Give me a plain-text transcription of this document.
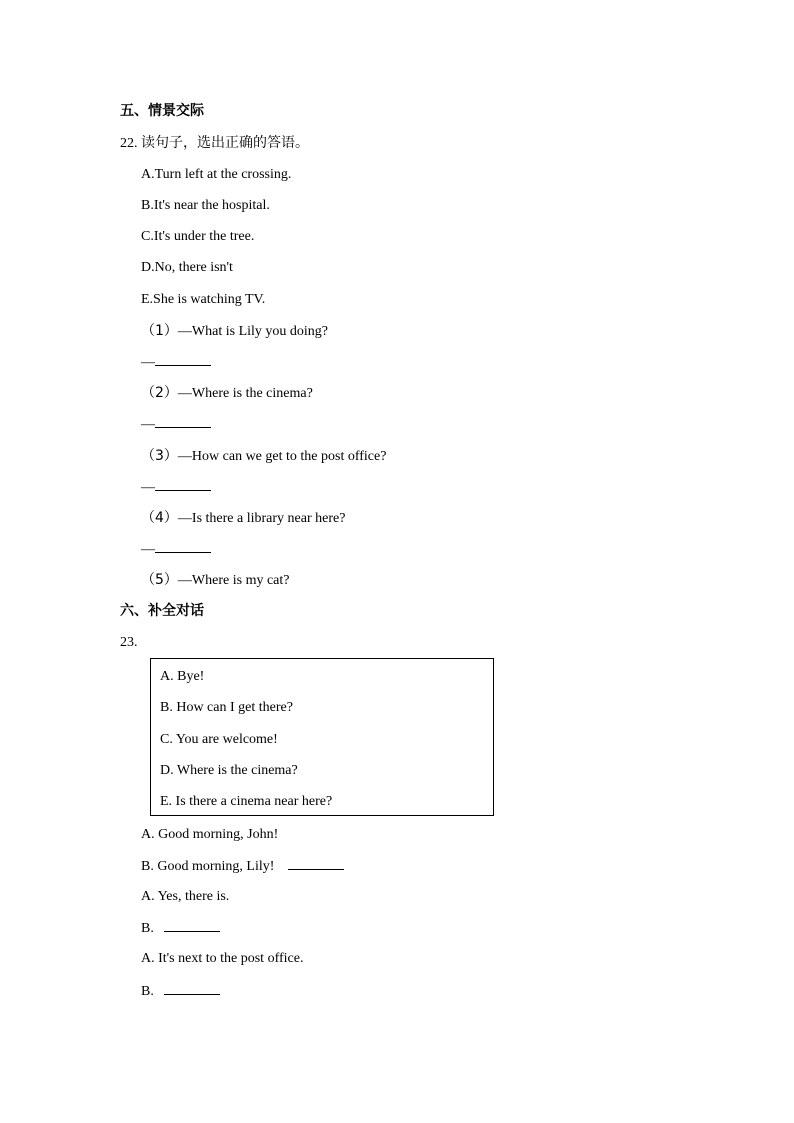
五、情景交际
22. 读句子，选出正确的答语。
A.Turn left at the crossing.
B.It's near the hospital.
C.It's under the tree.
D.No, there isn't
E.She is watching TV.
（1）—What is Lily you doing?
—
（2）—Where is the cinema?
—
（3）—How can we get to the post office?
—
（4）—Is there a library near here?
—
（5）—Where is my cat?
六、补全对话
23.
A. Bye!
B. How can I get there?
C. You are welcome!
D. Where is the cinema?
E. Is there a cinema near here?
A. Good morning, John!
B. Good morning, Lily!
A. Yes, there is.
B.
A. It's next to the post office.
B.
